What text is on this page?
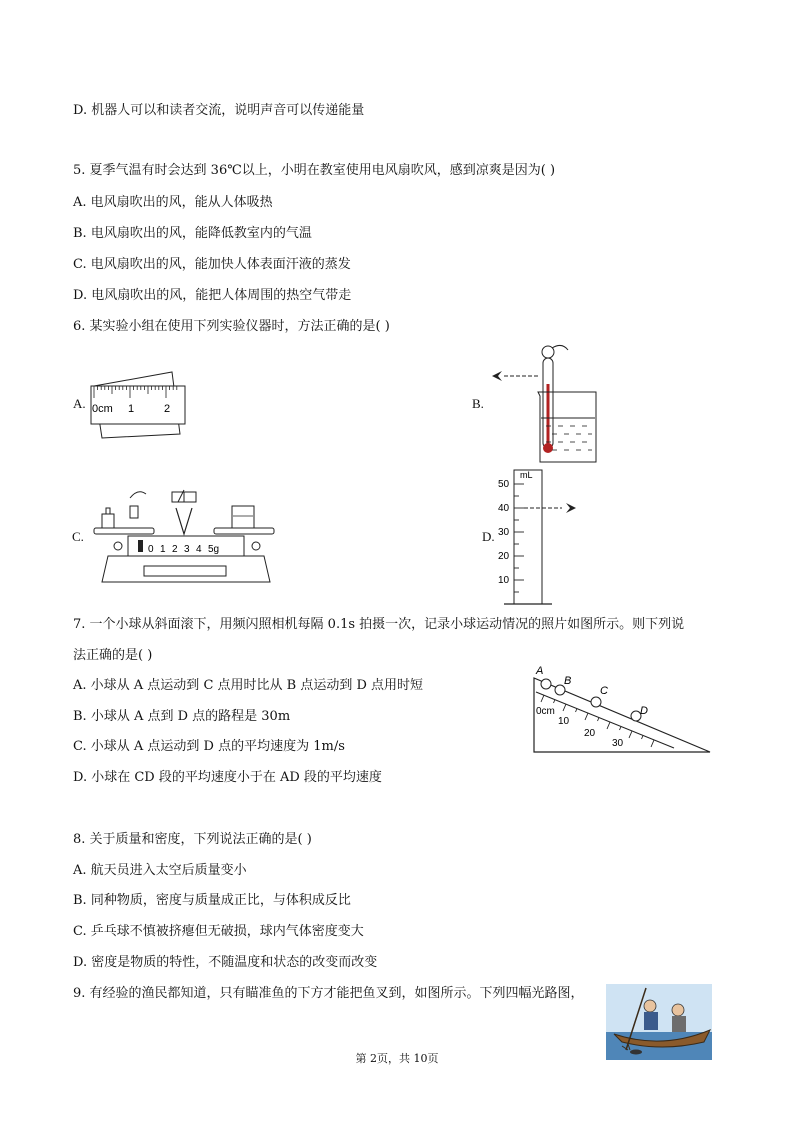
D. 机器人可以和读者交流，说明声音可以传递能量
5. 夏季气温有时会达到 36℃以上，小明在教室使用电风扇吹风，感到凉爽是因为( )
A. 电风扇吹出的风，能从人体吸热
B. 电风扇吹出的风，能降低教室内的气温
C. 电风扇吹出的风，能加快人体表面汗液的蒸发
D. 电风扇吹出的风，能把人体周围的热空气带走
6. 某实验小组在使用下列实验仪器时，方法正确的是( )
A. 0cm 1	2	B.
C.
0 1 2 3 4 5g
D.
mL
50
40
30
20
10
7. 一个小球从斜面滚下，用频闪照相机每隔 0.1s 拍摄一次，记录小球运动情况的照片如图所示。则下列说
法正确的是( )
A. 小球从 A 点运动到 C 点用时比从 B 点运动到 D 点用时短
B. 小球从 A 点到 D 点的路程是 30m
C. 小球从 A 点运动到 D 点的平均速度为 1m/s
D. 小球在 CD 段的平均速度小于在 AD 段的平均速度
A
B
C
D
0cm
10
20
30
8. 关于质量和密度，下列说法正确的是( )
A. 航天员进入太空后质量变小
B. 同种物质，密度与质量成正比，与体积成反比
C. 乒乓球不慎被挤瘪但无破损，球内气体密度变大
D. 密度是物质的特性，不随温度和状态的改变而改变
9. 有经验的渔民都知道，只有瞄准鱼的下方才能把鱼叉到，如图所示。下列四幅光路图，
第 2页，共 10页
